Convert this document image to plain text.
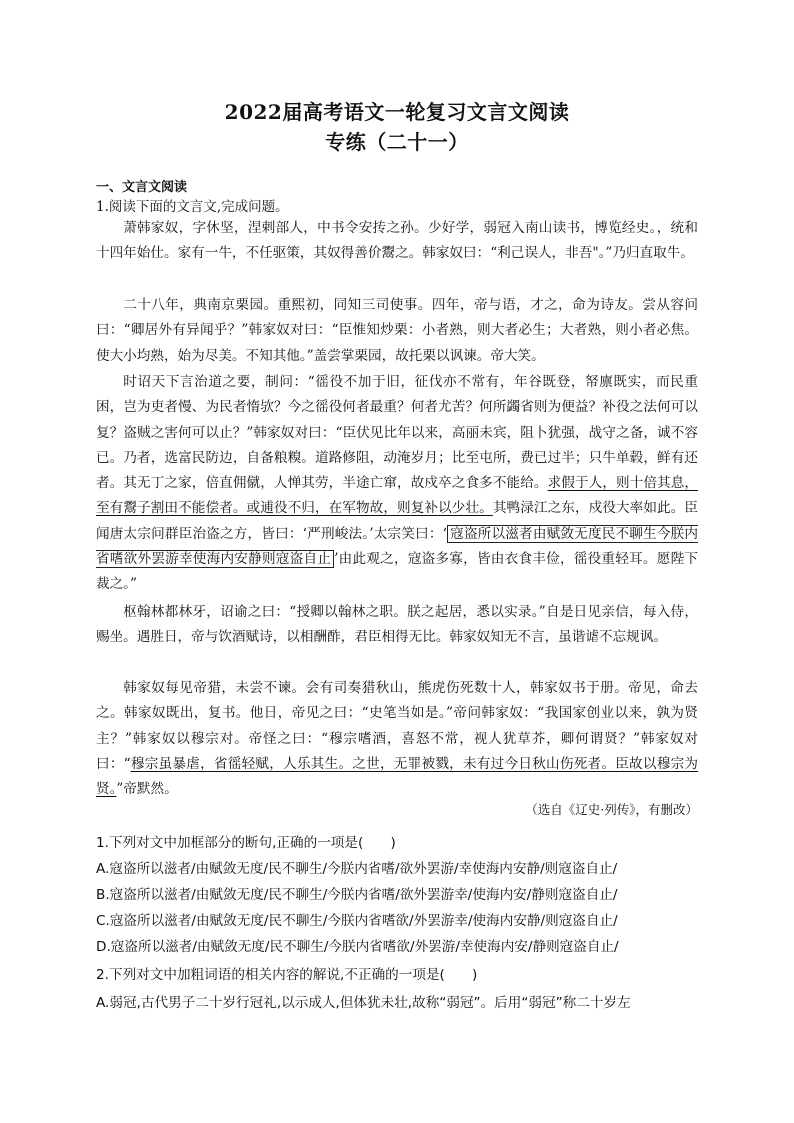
2022届高考语文一轮复习文言文阅读
专练（二十一）
一、文言文阅读
1.阅读下面的文言文,完成问题。

萧韩家奴，字休坚，涅剌部人，中书令安抟之孙。少好学，弱冠入南山读书，博览经史。，统和十四年始仕。家有一牛，不任驱策，其奴得善价鬻之。韩家奴曰：“利己误人，非吾"。”乃归直取牛。

二十八年，典南京栗园。重熙初，同知三司使事。四年，帝与语，才之，命为诗友。尝从容问曰：“卿居外有异闻乎？”韩家奴对曰：“臣惟知炒栗：小者熟，则大者必生；大者熟，则小者必焦。使大小均熟，始为尽美。不知其他。”盖尝掌栗园，故托栗以讽谏。帝大笑。

时诏天下言治道之要，制问：“徭役不加于旧，征伐亦不常有，年谷既登，帑廪既实，而民重困，岂为吏者慢、为民者惰欤？今之徭役何者最重？何者尤苦？何所蠲省则为便益？补役之法何可以复？盗贼之害何可以止？”韩家奴对曰：“臣伏见比年以来，高丽未宾，阻卜犹强，战守之备，诚不容已。乃者，选富民防边，自备粮糗。道路修阻，动淹岁月；比至屯所，费已过半；只牛单毂，鲜有还者。其无丁之家，倍直佣僦，人惮其劳，半途亡窜，故戍卒之食多不能给。求假于人，则十倍其息，至有鬻子割田不能偿者。或逋役不归，在军物故，则复补以少壮。其鸭渌江之东，戍役大率如此。臣闻唐太宗问群臣治盗之方，皆曰：‘严刑峻法。’太宗笑曰：‘ 寇盗所以滋者由赋敛无度民不聊生今朕内省嗜欲外罢游幸使海内安静则寇盗自止 ’由此观之，寇盗多寡，皆由衣食丰俭，徭役重轻耳。愿陛下裁之。”

枢翰林都林牙，诏谕之曰：“授卿以翰林之职。朕之起居，悉以实录。”自是日见亲信，每入侍，赐坐。遇胜日，帝与饮酒赋诗，以相酬酢，君臣相得无比。韩家奴知无不言，虽谐谑不忘规讽。

韩家奴每见帝猎，未尝不谏。会有司奏猎秋山，熊虎伤死数十人，韩家奴书于册。帝见，命去之。韩家奴既出，复书。他日，帝见之曰：“史笔当如是。”帝问韩家奴：“我国家创业以来，孰为贤主？”韩家奴以穆宗对。帝怪之曰：“穆宗嗜酒，喜怒不常，视人犹草芥，卿何谓贤？”韩家奴对曰：“穆宗虽暴虐，省徭轻赋，人乐其生。之世，无罪被戮，未有过今日秋山伤死者。臣故以穆宗为贤。”帝默然。

（选自《辽史·列传》，有删改）
1.下列对文中加框部分的断句,正确的一项是(　　)
A.寇盗所以滋者/由赋敛无度/民不聊生/今朕内省嗜/欲外罢游/幸使海内安静/则寇盗自止/
B.寇盗所以滋者/由赋敛无度/民不聊生/今朕内省嗜/欲外罢游幸/使海内安/静则寇盗自止/
C.寇盗所以滋者/由赋敛无度/民不聊生/今朕内省嗜欲/外罢游幸/使海内安静/则寇盗自止/
D.寇盗所以滋者/由赋敛无度/民不聊生/今朕内省嗜欲/外罢游/幸使海内安/静则寇盗自止/
2.下列对文中加粗词语的相关内容的解说,不正确的一项是(　　)
A.弱冠,古代男子二十岁行冠礼,以示成人,但体犹未壮,故称“弱冠”。后用“弱冠”称二十岁左
